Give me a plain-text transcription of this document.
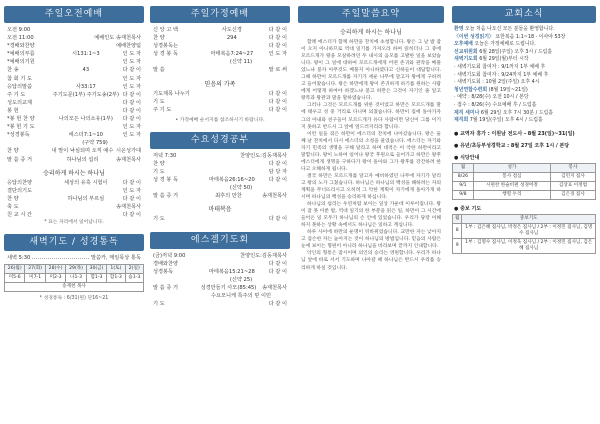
주일오전예배
오전 9:00
오전 11:00	예배인도 송재천목사
*경배와찬양	예배찬양팀
*예배의부름	시131:1~3	인 도 자
*예배의기원	인 도 자
찬 송	43	다 같 이
참 회 기 도	인 도 자
응답의말씀	사33:17	인 도 자
주 기 도	주기도문(1부) 주기도송(2부) 다 같 이
성도의교제	다 같 이
봉 헌	다 같 이
*봉 헌 찬 양	나의모든 나의소유(1부)	다 같 이
*봉 헌 기 도	인 도 자
*성경봉독	에스더7:1~10	인 도 자
(구약 759)
찬 양	내 맘이 낙심되며 오직 예수 시온성가대
말 씀 증 거	하나님의 섭리	송재천목사
승리하게 하시는 하나님
응답의찬양	세상의 유혹 시험이	다 같 이
결단의기도	인 도 자
찬 양	하나님의 부르심	다 같 이
축 도	송재천목사
친 교 시 간	다 같 이
* 표는 자리에서 일어납니다.
새벽기도 / 성경통독
새벽 5:30	말씀카, 매일묵상 통독
26(월)	27(화)	28(수)	29(목)	30(금)	1(토)	2(일)
미5-6	미7-1	미2-3	나1-3	합1-3	합1-3	습1-3
송재천 목사						
* 성경통독 : 6/31(원) 단16~21
주일가정예배
신 앙 고 백	사도신경	다 같 이
찬 양	294	다 같 이
성경봉독는	다 같 이
성 경 봉 독	마태복음7:24~27	인 도 자
(신약 11)
말 씀	말 로 써
믿음의 가족
기도제목 나누기	다 같 이
기 도	다 같 이
주 기 도	다 같 이
• 가정예배 순서지를 참조하시기 바랍니다.
수요성경공부
저녁 7:30	찬양인도:김동재목사
찬 양	다 같 이
기 도	담 당 자
성 경 봉 독	마태복음26:16~20	다 같 이
(신약 50)
말 씀 증 거	최후의 만찬	송재천목사
마태복음
기 도	다 같 이
에스겔기도회
(금)저녁 9:00	찬양인도:김동재목사
경배와찬양	다 같 이
성경봉독	마태복음15:21~28	다 같 이
(신약 25)
말 씀 증 거	성경만들기 사모(85:45)	송재천목사
수요모니케 특주의 믿 이민
기 도	다 같 이
주일말씀요약
승리하게 하시는 하나님

할례 에스더가 함께 하만을 잔치에 초청합니다. 왕은 그 날 밤 잠이 오지 아니하므로 역대 일기를 가져오라 하여 읽히더니 그 중에 모르드개가 왕을 모살하려던 두 내시의 음모를 고발한 일을 보았습니다. 왕이 그 일에 대하여 모르드개에게 어떤 존귀와 관작을 베풀었느냐 묻자 아무것도 베풀지 아니하였다고 신하들이 대답합니다. 그때 하만이 모르드개를 자기가 세운 나무에 달고자 왕에게 구하려고 들어왔습니다. 왕은 하만에게 왕이 존귀하게 하기를 원하는 사람에게 어떻게 하여야 하겠느냐 묻고 하만은 그것이 자기인 줄 알고 왕복과 왕관과 말을 말하였습니다.

그러나 그것은 모르드개를 위한 것이었고 하만은 모르드개를 말에 태우고 성 중 거리로 다니며 외쳤습니다. 하만이 집에 돌아가자 그의 아내와 친구들이 모르드개가 유다 사람이면 당신이 그를 이기지 못하고 반드시 그 앞에 엎드러지리라 합니다.

이런 일을 겪은 하만이 에스더의 잔치에 나아갔습니다. 왕은 둘째 날 잔치에서 다시 에스더의 소청을 물었습니다. 에스더는 자기와 자기 민족의 생명을 구해 달라고 하며 대적은 이 악한 하만이라고 말합니다. 왕이 노하여 일어나 왕궁 후원으로 들어가고 하만은 왕후 에스더에게 생명을 구하다가 왕이 돌아와 그가 왕후를 강간하려 한다고 오해하게 됩니다.

결국 하만은 모르드개를 달고자 예비하였던 나무에 자기가 달리고 왕의 노가 그쳤습니다. 하나님은 하나님의 백성을 해하려는 자의 계획을 무너뜨리시고 오히려 그 악한 계획이 자기에게 돌아가게 하시며 하나님의 백성을 승리하게 하십니다.

하나님의 섭리는 우연처럼 보이는 일상 가운데 이루어집니다. 왕이 잠 못 이룬 밤, 역대 일기의 한 부분을 읽은 일, 하만이 그 시간에 들어온 일 모두가 하나님의 손 안에 있었습니다. 우리가 당장 이해하지 못하는 상황 속에서도 하나님은 일하고 계십니다.

하루 사이에 하만의 운명이 뒤바뀌었습니다. 교만한 자는 낮아지고 겸손한 자는 높아지는 것이 하나님의 방법입니다. 믿음의 사람은 눈에 보이는 형편이 아니라 하나님을 바라보며 끝까지 인내합니다.

악인의 형통은 잠시이며 의인의 승리는 영원합니다. 우리가 하나님 앞에 바로 서서 기도하며 나아갈 때 하나님은 반드시 우리를 승리하게 하실 것입니다.

교회소식
환영 오늘 처음 나오신 모든 분들을 환영합니다.
〈이번 성경읽기〉 요한복음 1:1~18 · 이사야 53장
오후예배 오늘은 가정예배로 드립니다.
선교위원회 6월 28일(주일) 오후 3시 / 드림홀
새벽기도회 6월 29일(월)부터 시작
· 새벽기도회 참여자 : 9/1까지 1부 예배 후
· 새벽기도회 참여자 : 9/24까지 1부 예배 후
· 새벽기도회 : 10월 2일(주일) 오후 4시
청년연합수련회 (8월 19일~21일)
· 예약 : 8/28(수) 오전 10시 / 본당
· 접수 : 8/26(수) 수요예배 후 / 드림홀
제직 세미나 6월 29일 오후 7시 30분 / 드림홀
제직회 7월 19일(주일) 오후 4시 / 드림홀
● 교역자 휴가 : 이원남 전도사 - 8월 23(일)~31(일)
● 유년/초등부성경학교 : 8월 27일 오후 1시 / 본당
● 식당안내
월	성가	봉사
8/26	봉사 점심	김민지 집사
9/1	시편찬 한슬비편 성경여정	김상표 이정범
9/8	행렬 두리	김은경 집사
● 중보 기도
월	중보기도
8	1부 : 김은혜 집사님, 박정은 집사님 / 2부 : 이정민 집사님, 김명수 집사님
9	1부 : 김명수 집사님, 이정욱 집사님 / 2부 : 이정민 집사님, 김은혜 집사님
